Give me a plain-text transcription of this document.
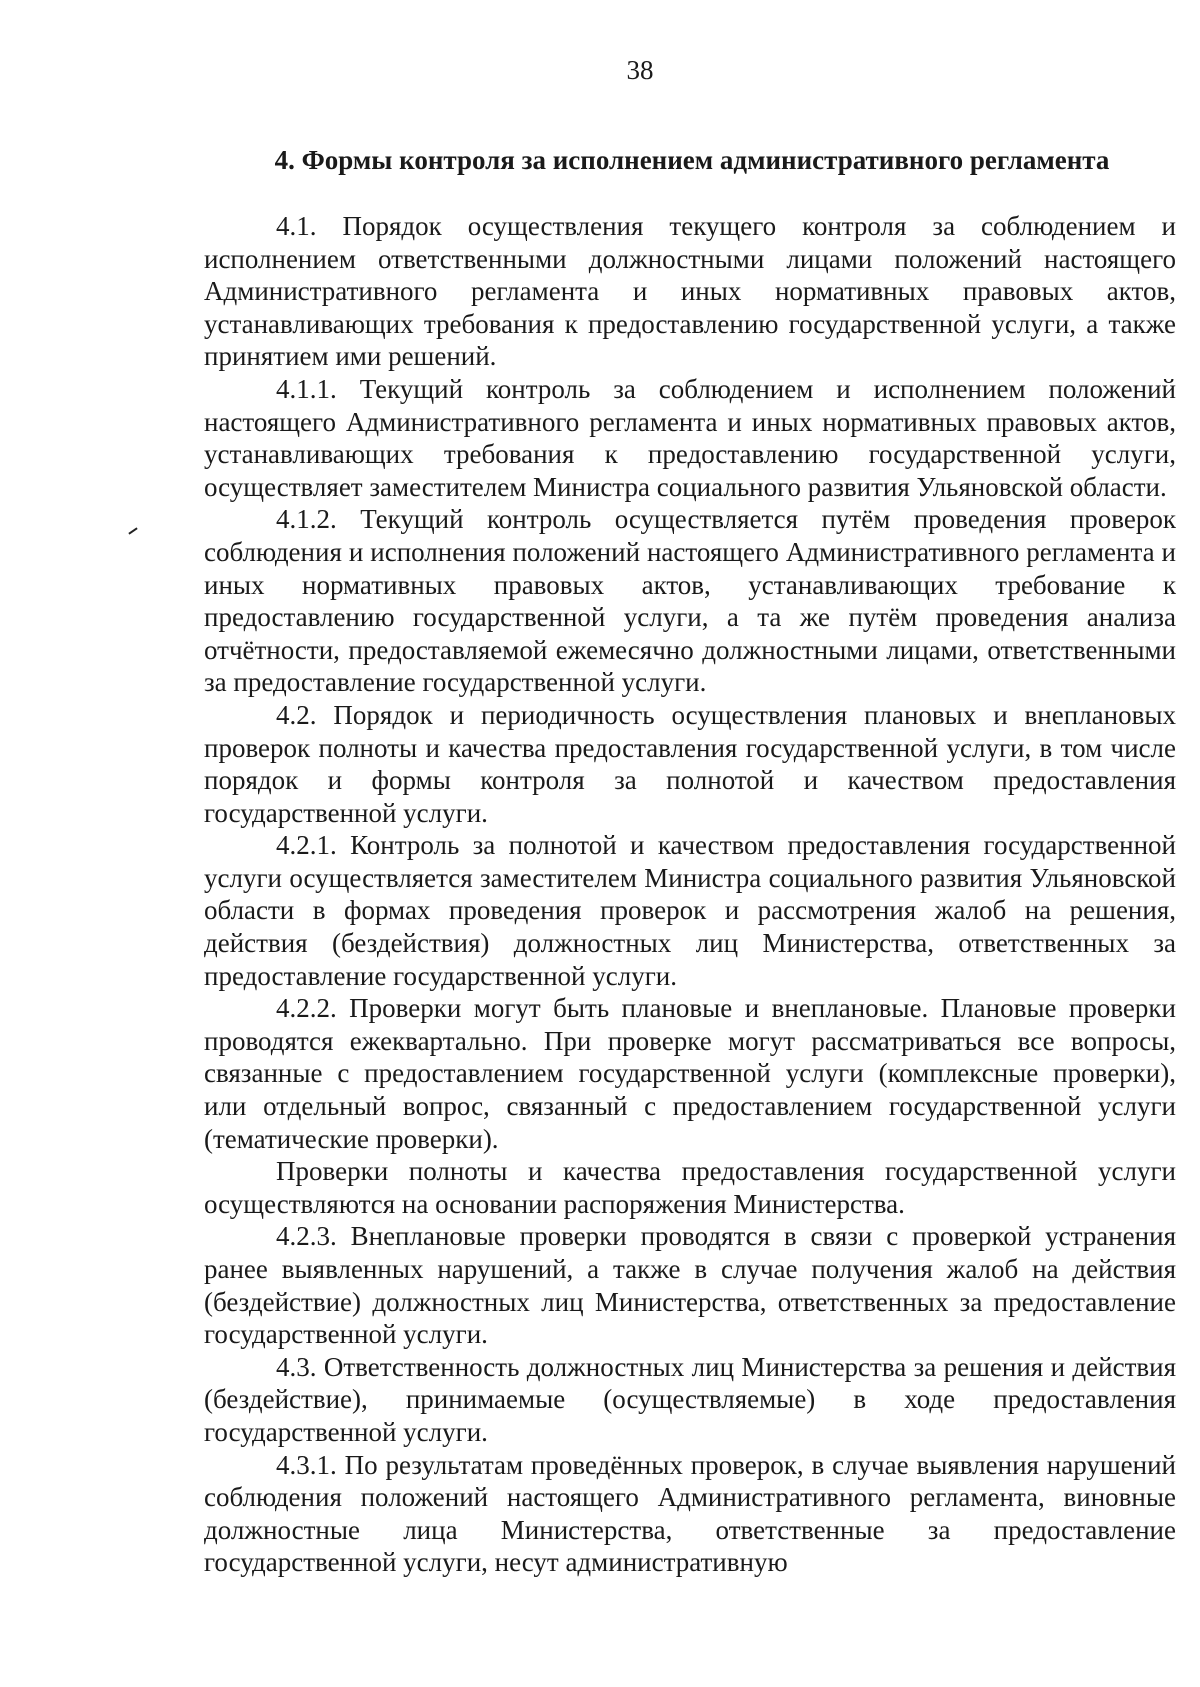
38
4. Формы контроля за исполнением административного регламента

4.1. Порядок осуществления текущего контроля за соблюдением и исполнением ответственными должностными лицами положений настоящего Административного регламента и иных нормативных правовых актов, устанавливающих требования к предоставлению государственной услуги, а также принятием ими решений.

4.1.1. Текущий контроль за соблюдением и исполнением положений настоящего Административного регламента и иных нормативных правовых актов, устанавливающих требования к предоставлению государственной услуги, осуществляет заместителем Министра социального развития Ульяновской области.

4.1.2. Текущий контроль осуществляется путём проведения проверок соблюдения и исполнения положений настоящего Административного регламента и иных нормативных правовых актов, устанавливающих требование к предоставлению государственной услуги, а та же путём проведения анализа отчётности, предоставляемой ежемесячно должностными лицами, ответственными за предоставление государственной услуги.

4.2. Порядок и периодичность осуществления плановых и внеплановых проверок полноты и качества предоставления государственной услуги, в том числе порядок и формы контроля за полнотой и качеством предоставления государственной услуги.

4.2.1. Контроль за полнотой и качеством предоставления государственной услуги осуществляется заместителем Министра социального развития Ульяновской области в формах проведения проверок и рассмотрения жалоб на решения, действия (бездействия) должностных лиц Министерства, ответственных за предоставление государственной услуги.

4.2.2. Проверки могут быть плановые и внеплановые. Плановые проверки проводятся ежеквартально. При проверке могут рассматриваться все вопросы, связанные с предоставлением государственной услуги (комплексные проверки), или отдельный вопрос, связанный с предоставлением государственной услуги (тематические проверки).

Проверки полноты и качества предоставления государственной услуги осуществляются на основании распоряжения Министерства.

4.2.3. Внеплановые проверки проводятся в связи с проверкой устранения ранее выявленных нарушений, а также в случае получения жалоб на действия (бездействие) должностных лиц Министерства, ответственных за предоставление государственной услуги.

4.3. Ответственность должностных лиц Министерства за решения и действия (бездействие), принимаемые (осуществляемые) в ходе предоставления государственной услуги.

4.3.1. По результатам проведённых проверок, в случае выявления нарушений соблюдения положений настоящего Административного регламента, виновные должностные лица Министерства, ответственные за предоставление государственной услуги, несут административную
